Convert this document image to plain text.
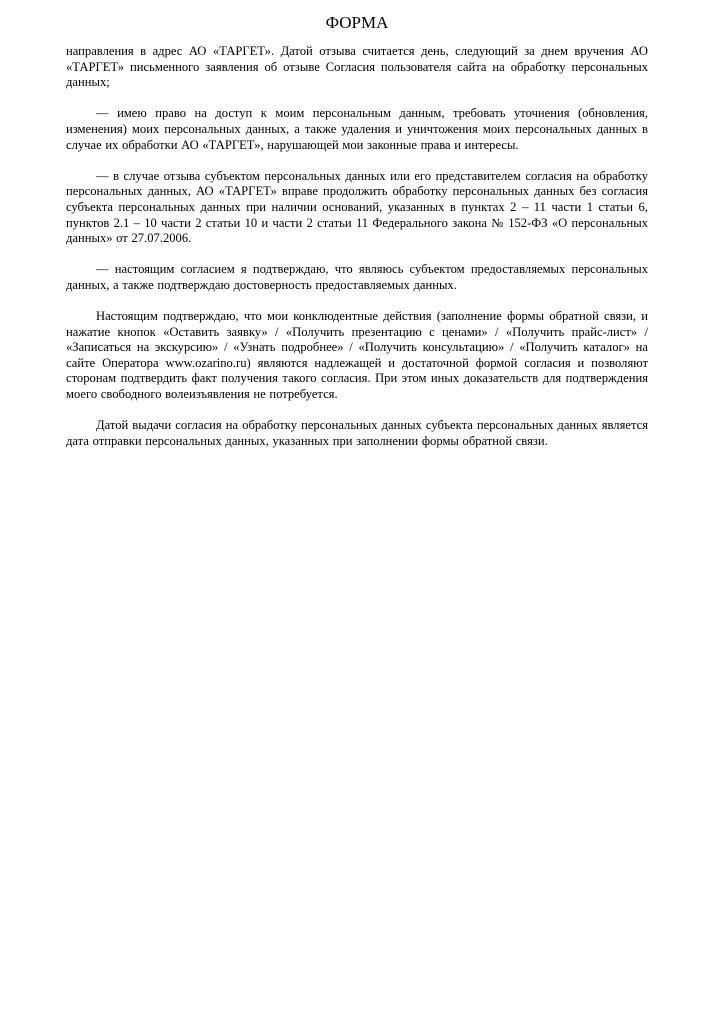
ФОРМА

направления в адрес АО «ТАРГЕТ». Датой отзыва считается день, следующий за днем вручения АО «ТАРГЕТ» письменного заявления об отзыве Согласия пользователя сайта на обработку персональных данных;

— имею право на доступ к моим персональным данным, требовать уточнения (обновления, изменения) моих персональных данных, а также удаления и уничтожения моих персональных данных в случае их обработки АО «ТАРГЕТ», нарушающей мои законные права и интересы.

— в случае отзыва субъектом персональных данных или его представителем согласия на обработку персональных данных, АО «ТАРГЕТ» вправе продолжить обработку персональных данных без согласия субъекта персональных данных при наличии оснований, указанных в пунктах 2 – 11 части 1 статьи 6, пунктов 2.1 – 10 части 2 статьи 10 и части 2 статьи 11 Федерального закона № 152-ФЗ «О персональных данных» от 27.07.2006.

— настоящим согласием я подтверждаю, что являюсь субъектом предоставляемых персональных данных, а также подтверждаю достоверность предоставляемых данных.

Настоящим подтверждаю, что мои конклюдентные действия (заполнение формы обратной связи, и нажатие кнопок «Оставить заявку» / «Получить презентацию с ценами» / «Получить прайс-лист» / «Записаться на экскурсию» / «Узнать подробнее» / «Получить консультацию» / «Получить каталог» на сайте Оператора www.ozarino.ru) являются надлежащей и достаточной формой согласия и позволяют сторонам подтвердить факт получения такого согласия. При этом иных доказательств для подтверждения моего свободного волеизъявления не потребуется.

Датой выдачи согласия на обработку персональных данных субъекта персональных данных является дата отправки персональных данных, указанных при заполнении формы обратной связи.
